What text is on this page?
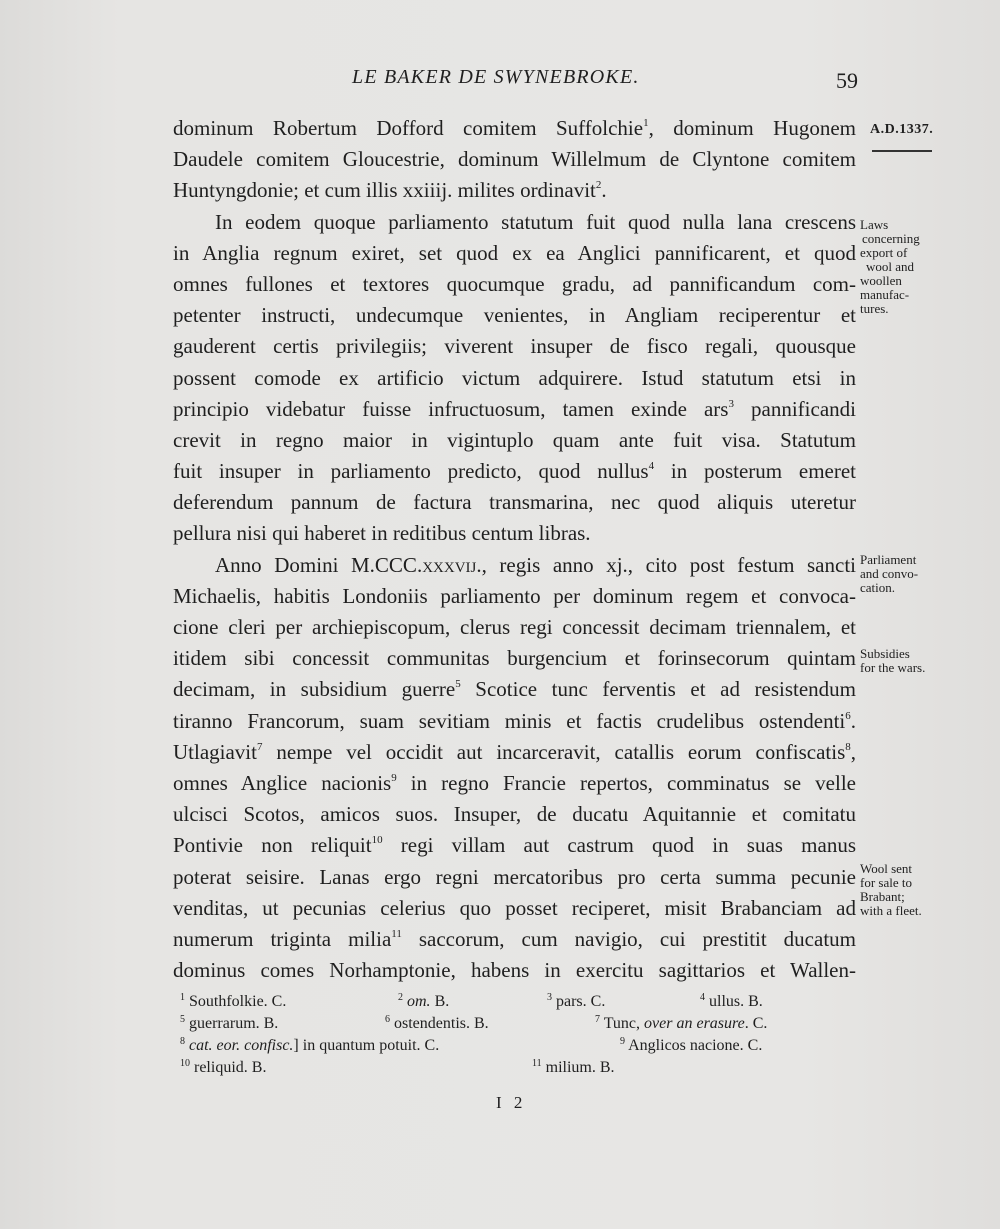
LE BAKER DE SWYNEBROKE.	59
A.D.1337.
Laws
concerning
export of
wool and
woollen
manufac-
tures.
Parliament
and convo-
cation.
Subsidies
for the wars.
Wool sent
for sale to
Brabant;
with a fleet.
dominum Robertum Dofford comitem Suffolchie$^1$, dominum Hugonem
Daudele comitem Gloucestrie, dominum Willelmum de Clyntone comitem
Huntyngdonie; et cum illis xxiiij. milites ordinavit$^2$.
In eodem quoque parliamento statutum fuit quod nulla lana crescens
in Anglia regnum exiret, set quod ex ea Anglici pannificarent, et quod
omnes fullones et textores quocumque gradu, ad pannificandum com-
petenter instructi, undecumque venientes, in Angliam reciperentur et
gauderent certis privilegiis; viverent insuper de fisco regali, quousque
possent comode ex artificio victum adquirere. Istud statutum etsi in
principio videbatur fuisse infructuosum, tamen exinde ars$^3$ pannificandi
crevit in regno maior in vigintuplo quam ante fuit visa. Statutum
fuit insuper in parliamento predicto, quod nullus$^4$ in posterum emeret
deferendum pannum de factura transmarina, nec quod aliquis uteretur
pellura nisi qui haberet in reditibus centum libras.
Anno Domini M.CCC.xxxvij., regis anno xj., cito post festum sancti
Michaelis, habitis Londoniis parliamento per dominum regem et convoca-
cione cleri per archiepiscopum, clerus regi concessit decimam triennalem, et
itidem sibi concessit communitas burgencium et forinsecorum quintam
decimam, in subsidium guerre$^5$ Scotice tunc ferventis et ad resistendum
tiranno Francorum, suam sevitiam minis et factis crudelibus ostendenti$^6$.
Utlagiavit$^7$ nempe vel occidit aut incarceravit, catallis eorum confiscatis$^8$,
omnes Anglice nacionis$^9$ in regno Francie repertos, comminatus se velle
ulcisci Scotos, amicos suos. Insuper, de ducatu Aquitannie et comitatu
Pontivie non reliquit$^{10}$ regi villam aut castrum quod in suas manus
poterat seisire. Lanas ergo regni mercatoribus pro certa summa pecunie
venditas, ut pecunias celerius quo posset reciperet, misit Brabanciam ad
numerum triginta milia$^{11}$ saccorum, cum navigio, cui prestitit ducatum
dominus comes Norhamptonie, habens in exercitu sagittarios et Wallen-
$^1$ Southfolkie. C.	$^2$ om. B.	$^3$ pars. C.	$^4$ ullus. B.
$^5$ guerrarum. B.	$^6$ ostendentis. B.	$^7$ Tunc, over an erasure. C.
$^8$ cat. eor. confisc.] in quantum potuit. C.	$^9$ Anglicos nacione. C.
$^{10}$ reliquid. B.	$^{11}$ milium. B.
I 2
